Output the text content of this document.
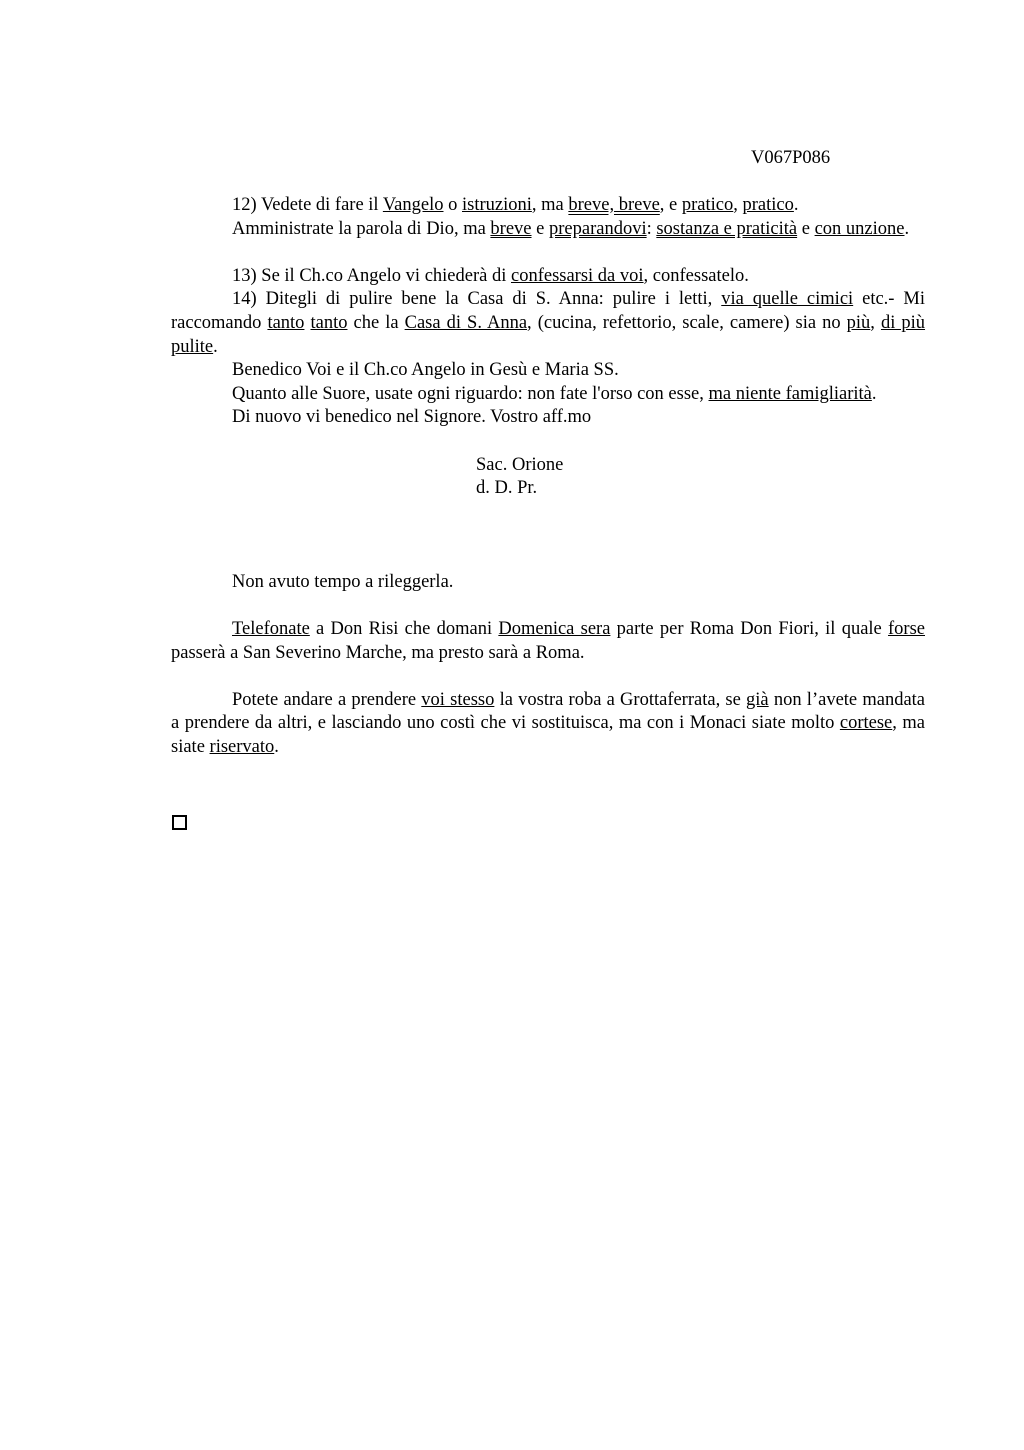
V067P086

12) Vedete di fare il Vangelo o istruzioni, ma breve, breve, e pratico, pratico.

Amministrate la parola di Dio, ma breve e preparandovi: sostanza e praticità e con unzione.

13) Se il Ch.co Angelo vi chiederà di confessarsi da voi, confessatelo.

14) Ditegli di pulire bene la Casa di S. Anna: pulire i letti, via quelle cimici etc.- Mi raccomando tanto tanto che la Casa di S. Anna, (cucina, refettorio, scale, camere) sia no più, di più pulite.

Benedico Voi e il Ch.co Angelo in Gesù e Maria SS.

Quanto alle Suore, usate ogni riguardo: non fate l'orso con esse, ma niente famigliarità.

Di nuovo vi benedico nel Signore. Vostro aff.mo

Sac. Orione
d. D. Pr.

Non avuto tempo a rileggerla.

Telefonate a Don Risi che domani Domenica sera parte per Roma Don Fiori, il quale forse passerà a San Severino Marche, ma presto sarà a Roma.

Potete andare a prendere voi stesso la vostra roba a Grottaferrata, se già non l’avete mandata a prendere da altri, e lasciando uno costì che vi sostituisca, ma con i Monaci siate molto cortese, ma siate riservato.
